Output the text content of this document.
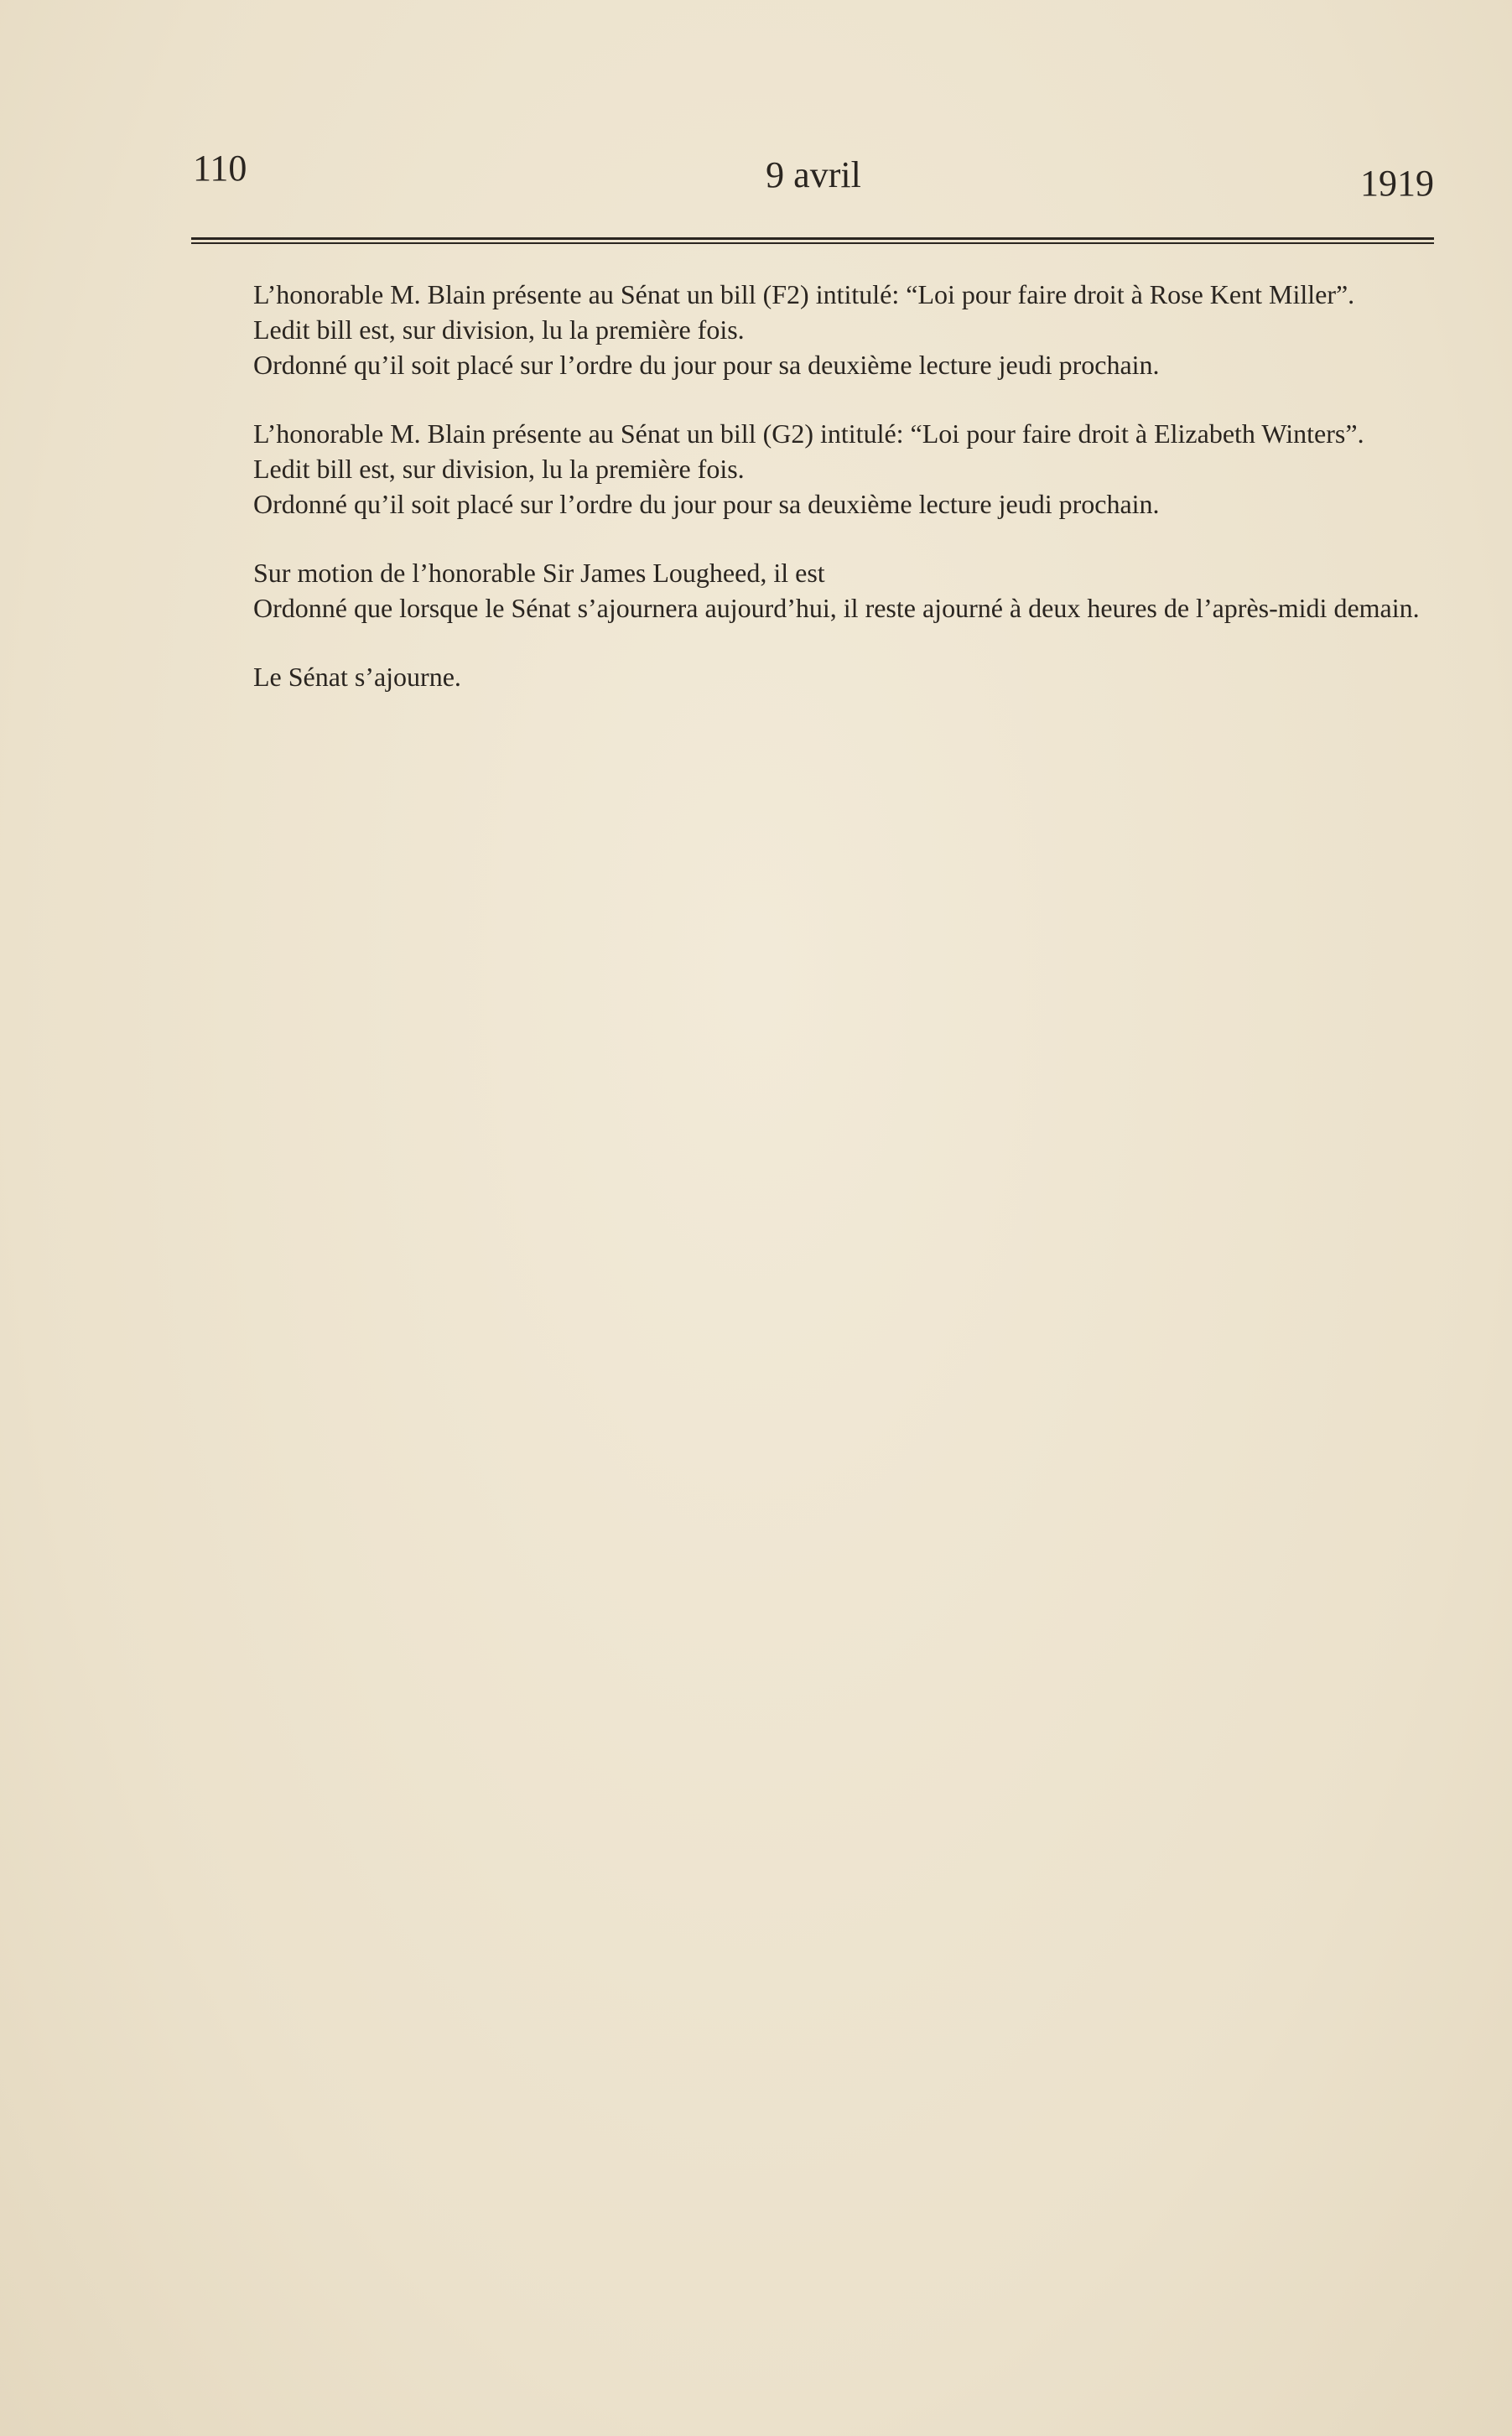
110	9 avril	1919

L’honorable M. Blain présente au Sénat un bill (F2) intitulé: “Loi pour faire droit à Rose Kent Miller”.

Ledit bill est, sur division, lu la première fois.

Ordonné qu’il soit placé sur l’ordre du jour pour sa deuxième lecture jeudi prochain.

L’honorable M. Blain présente au Sénat un bill (G2) intitulé: “Loi pour faire droit à Elizabeth Winters”.

Ledit bill est, sur division, lu la première fois.

Ordonné qu’il soit placé sur l’ordre du jour pour sa deuxième lecture jeudi prochain.

Sur motion de l’honorable Sir James Lougheed, il est

Ordonné que lorsque le Sénat s’ajournera aujourd’hui, il reste ajourné à deux heures de l’après-midi demain.

Le Sénat s’ajourne.
